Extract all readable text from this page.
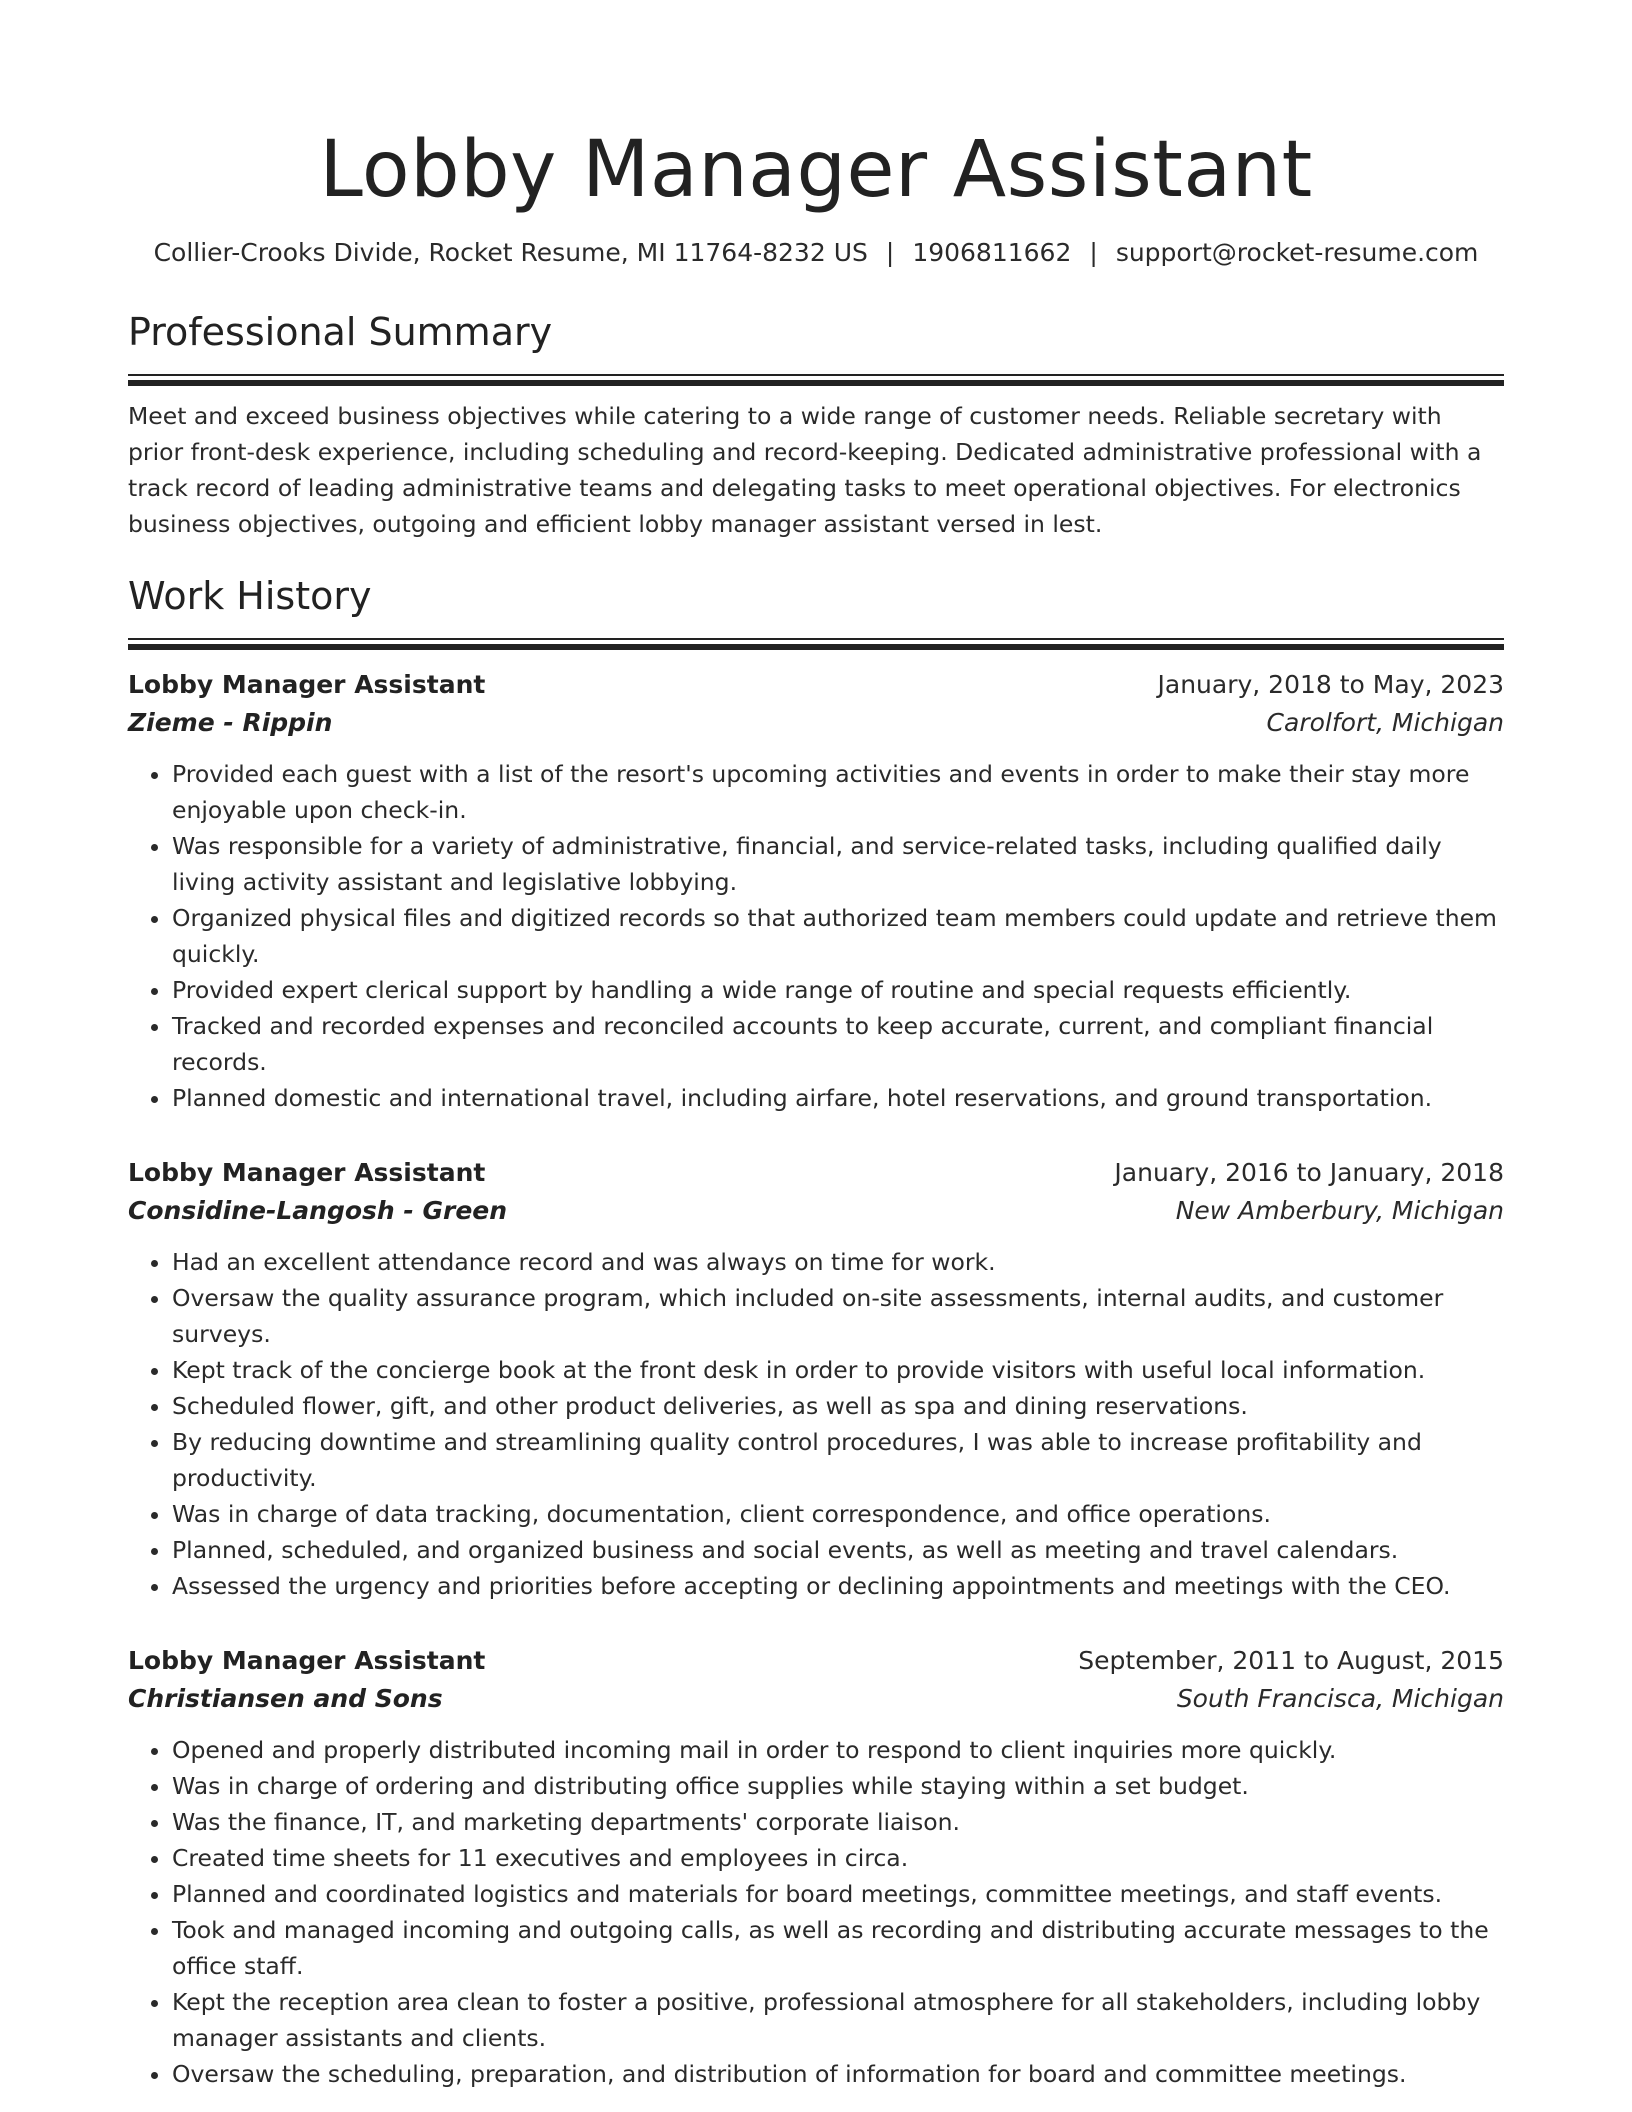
Lobby Manager Assistant
Collier-Crooks Divide, Rocket Resume, MI 11764-8232 US | 1906811662 | support@rocket-resume.com
Professional Summary

Meet and exceed business objectives while catering to a wide range of customer needs. Reliable secretary with prior front-desk experience, including scheduling and record-keeping. Dedicated administrative professional with a track record of leading administrative teams and delegating tasks to meet operational objectives. For electronics business objectives, outgoing and efficient lobby manager assistant versed in lest.

Work History
Lobby Manager Assistant	January, 2018 to May, 2023
Zieme - Rippin	Carolfort, Michigan
• Provided each guest with a list of the resort's upcoming activities and events in order to make their stay more enjoyable upon check-in.
• Was responsible for a variety of administrative, financial, and service-related tasks, including qualified daily living activity assistant and legislative lobbying.
• Organized physical files and digitized records so that authorized team members could update and retrieve them quickly.
• Provided expert clerical support by handling a wide range of routine and special requests efficiently.
• Tracked and recorded expenses and reconciled accounts to keep accurate, current, and compliant financial records.
• Planned domestic and international travel, including airfare, hotel reservations, and ground transportation.
Lobby Manager Assistant	January, 2016 to January, 2018
Considine-Langosh - Green	New Amberbury, Michigan
• Had an excellent attendance record and was always on time for work.
• Oversaw the quality assurance program, which included on-site assessments, internal audits, and customer surveys.
• Kept track of the concierge book at the front desk in order to provide visitors with useful local information.
• Scheduled flower, gift, and other product deliveries, as well as spa and dining reservations.
• By reducing downtime and streamlining quality control procedures, I was able to increase profitability and productivity.
• Was in charge of data tracking, documentation, client correspondence, and office operations.
• Planned, scheduled, and organized business and social events, as well as meeting and travel calendars.
• Assessed the urgency and priorities before accepting or declining appointments and meetings with the CEO.
Lobby Manager Assistant	September, 2011 to August, 2015
Christiansen and Sons	South Francisca, Michigan
• Opened and properly distributed incoming mail in order to respond to client inquiries more quickly.
• Was in charge of ordering and distributing office supplies while staying within a set budget.
• Was the finance, IT, and marketing departments' corporate liaison.
• Created time sheets for 11 executives and employees in circa.
• Planned and coordinated logistics and materials for board meetings, committee meetings, and staff events.
• Took and managed incoming and outgoing calls, as well as recording and distributing accurate messages to the office staff.
• Kept the reception area clean to foster a positive, professional atmosphere for all stakeholders, including lobby manager assistants and clients.
• Oversaw the scheduling, preparation, and distribution of information for board and committee meetings.
